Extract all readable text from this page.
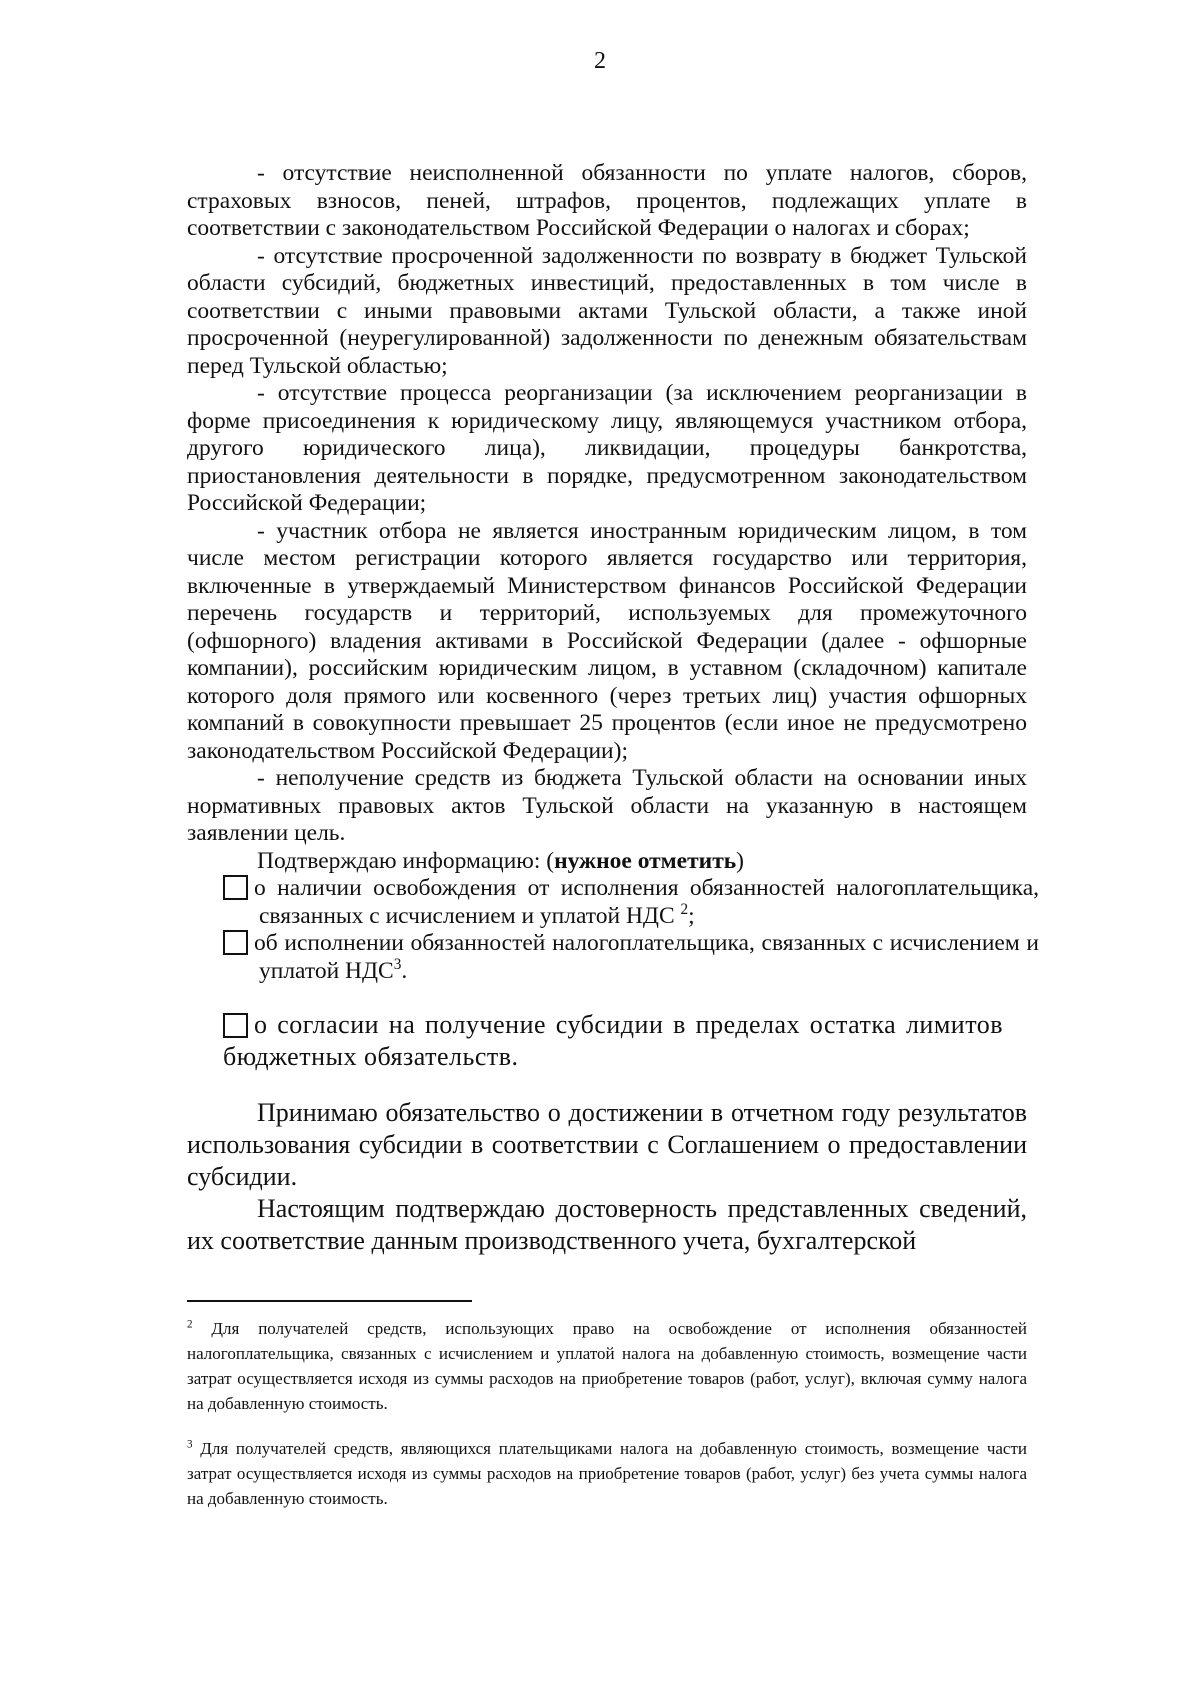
2

- отсутствие неисполненной обязанности по уплате налогов, сборов, страховых взносов, пеней, штрафов, процентов, подлежащих уплате в соответствии с законодательством Российской Федерации о налогах и сборах;

- отсутствие просроченной задолженности по возврату в бюджет Тульской области субсидий, бюджетных инвестиций, предоставленных в том числе в соответствии с иными правовыми актами Тульской области, а также иной просроченной (неурегулированной) задолженности по денежным обязательствам перед Тульской областью;

- отсутствие процесса реорганизации (за исключением реорганизации в форме присоединения к юридическому лицу, являющемуся участником отбора, другого юридического лица), ликвидации, процедуры банкротства, приостановления деятельности в порядке, предусмотренном законодательством Российской Федерации;

- участник отбора не является иностранным юридическим лицом, в том числе местом регистрации которого является государство или территория, включенные в утверждаемый Министерством финансов Российской Федерации перечень государств и территорий, используемых для промежуточного (офшорного) владения активами в Российской Федерации (далее - офшорные компании), российским юридическим лицом, в уставном (складочном) капитале которого доля прямого или косвенного (через третьих лиц) участия офшорных компаний в совокупности превышает 25 процентов (если иное не предусмотрено законодательством Российской Федерации);

- неполучение средств из бюджета Тульской области на основании иных нормативных правовых актов Тульской области на указанную в настоящем заявлении цель.

Подтверждаю информацию: (нужное отметить)

о наличии освобождения от исполнения обязанностей налогоплательщика, связанных с исчислением и уплатой НДС $^2$;

об исполнении обязанностей налогоплательщика, связанных с исчислением и уплатой НДС$^3$.

о согласии на получение субсидии в пределах остатка лимитов бюджетных обязательств.

Принимаю обязательство о достижении в отчетном году результатов использования субсидии в соответствии с Соглашением о предоставлении субсидии.

Настоящим подтверждаю достоверность представленных сведений, их соответствие данным производственного учета, бухгалтерской

$^2$ Для получателей средств, использующих право на освобождение от исполнения обязанностей налогоплательщика, связанных с исчислением и уплатой налога на добавленную стоимость, возмещение части затрат осуществляется исходя из суммы расходов на приобретение товаров (работ, услуг), включая сумму налога на добавленную стоимость.

$^3$ Для получателей средств, являющихся плательщиками налога на добавленную стоимость, возмещение части затрат осуществляется исходя из суммы расходов на приобретение товаров (работ, услуг) без учета суммы налога на добавленную стоимость.
